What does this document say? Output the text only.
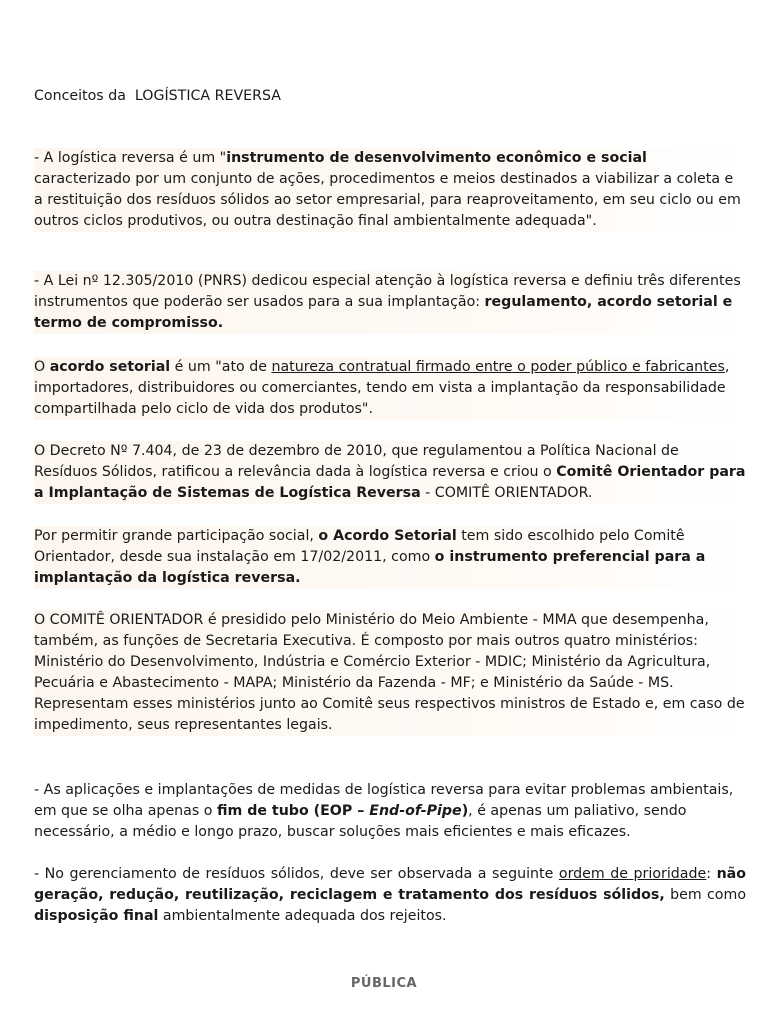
Conceitos da  LOGÍSTICA REVERSA
- A logística reversa é um "instrumento de desenvolvimento econômico e social caracterizado por um conjunto de ações, procedimentos e meios destinados a viabilizar a coleta e a restituição dos resíduos sólidos ao setor empresarial, para reaproveitamento, em seu ciclo ou em outros ciclos produtivos, ou outra destinação final ambientalmente adequada".
- A Lei nº 12.305/2010 (PNRS) dedicou especial atenção à logística reversa e definiu três diferentes instrumentos que poderão ser usados para a sua implantação: regulamento, acordo setorial e termo de compromisso.
O acordo setorial é um "ato de natureza contratual firmado entre o poder público e fabricantes, importadores, distribuidores ou comerciantes, tendo em vista a implantação da responsabilidade compartilhada pelo ciclo de vida dos produtos".
O Decreto Nº 7.404, de 23 de dezembro de 2010, que regulamentou a Política Nacional de Resíduos Sólidos, ratificou a relevância dada à logística reversa e criou o Comitê Orientador para a Implantação de Sistemas de Logística Reversa - COMITÊ ORIENTADOR.
Por permitir grande participação social, o Acordo Setorial tem sido escolhido pelo Comitê Orientador, desde sua instalação em 17/02/2011, como o instrumento preferencial para a implantação da logística reversa.
O COMITÊ ORIENTADOR é presidido pelo Ministério do Meio Ambiente - MMA que desempenha, também, as funções de Secretaria Executiva. É composto por mais outros quatro ministérios: Ministério do Desenvolvimento, Indústria e Comércio Exterior - MDIC; Ministério da Agricultura, Pecuária e Abastecimento - MAPA; Ministério da Fazenda - MF; e Ministério da Saúde - MS. Representam esses ministérios junto ao Comitê seus respectivos ministros de Estado e, em caso de impedimento, seus representantes legais.
- As aplicações e implantações de medidas de logística reversa para evitar problemas ambientais, em que se olha apenas o fim de tubo (EOP – End-of-Pipe), é apenas um paliativo, sendo necessário, a médio e longo prazo, buscar soluções mais eficientes e mais eficazes.
- No gerenciamento de resíduos sólidos, deve ser observada a seguinte ordem de prioridade: não geração, redução, reutilização, reciclagem e tratamento dos resíduos sólidos, bem como disposição final ambientalmente adequada dos rejeitos.
PÚBLICA
